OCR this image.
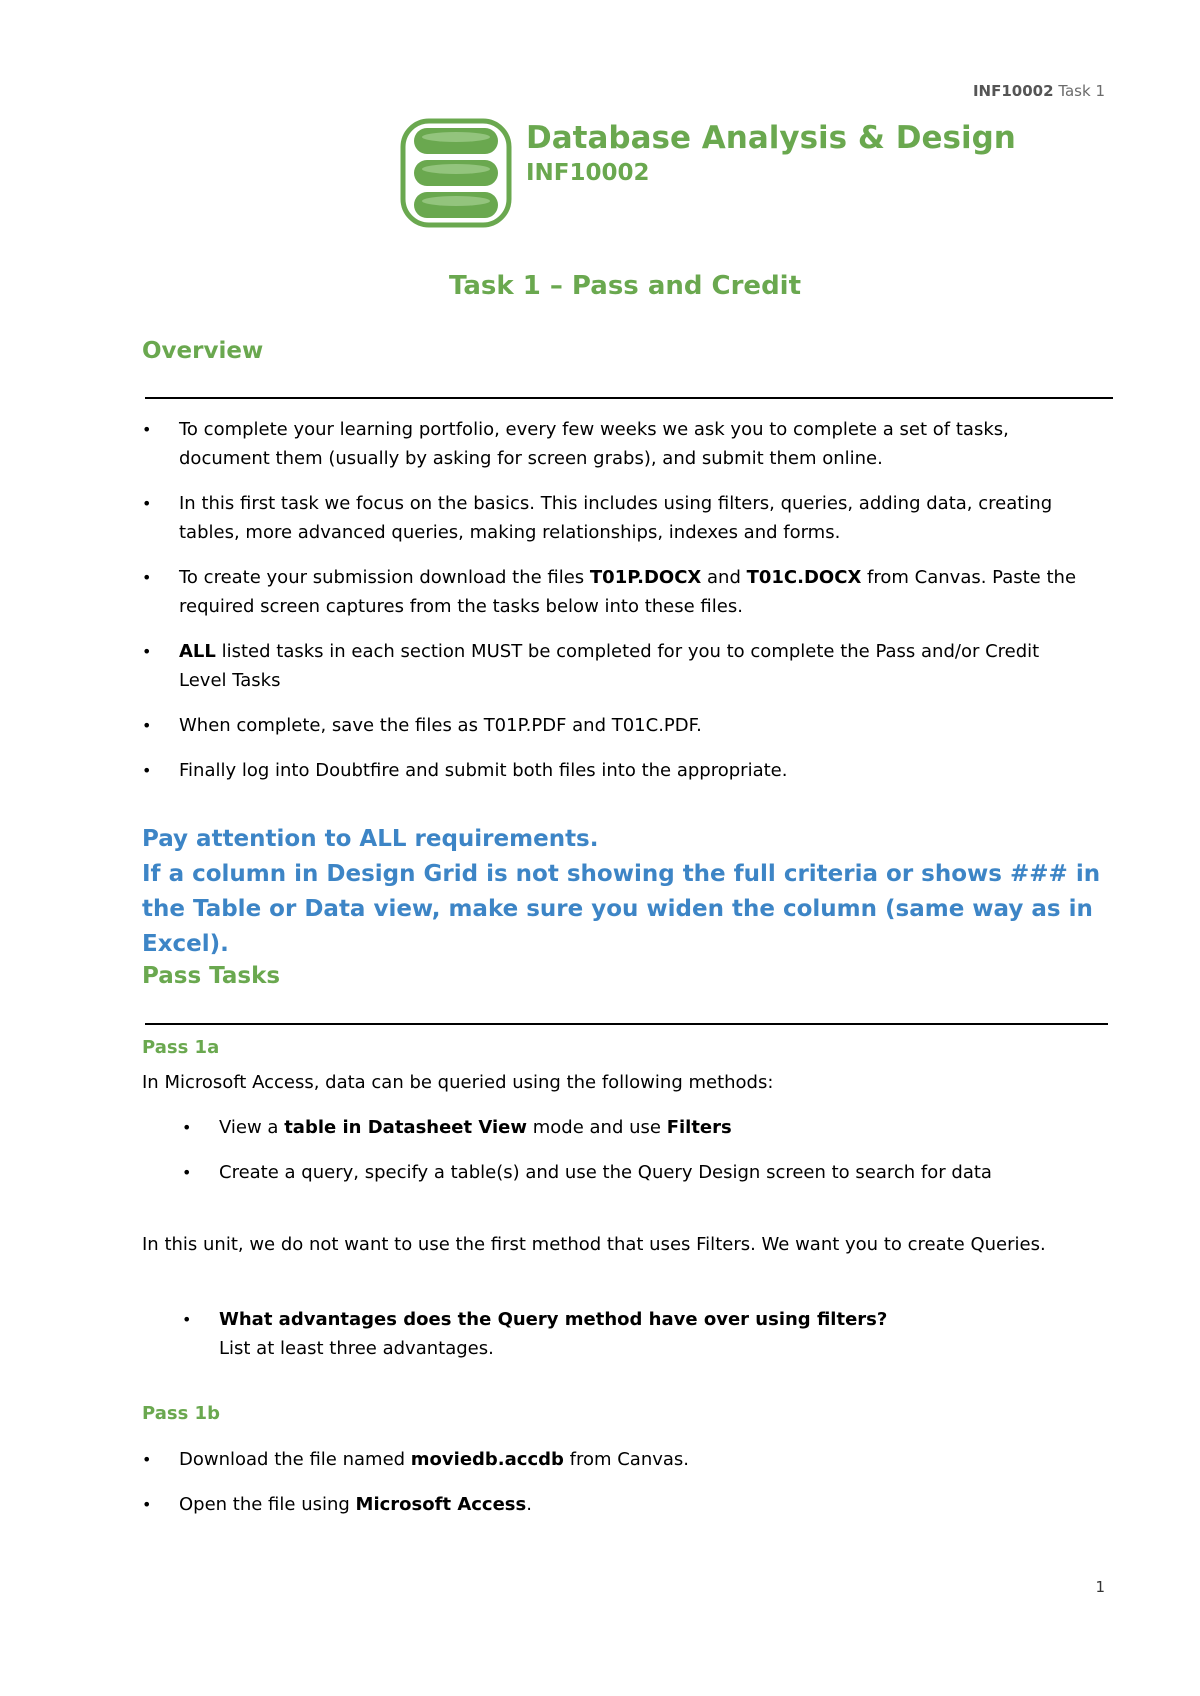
INF10002 Task 1
Database Analysis & Design
INF10002
Task 1 – Pass and Credit
Overview
• To complete your learning portfolio, every few weeks we ask you to complete a set of tasks, document them (usually by asking for screen grabs), and submit them online.
• In this first task we focus on the basics. This includes using filters, queries, adding data, creating tables, more advanced queries, making relationships, indexes and forms.
• To create your submission download the files T01P.DOCX and T01C.DOCX from Canvas. Paste the required screen captures from the tasks below into these files.
• ALL listed tasks in each section MUST be completed for you to complete the Pass and/or Credit Level Tasks
• When complete, save the files as T01P.PDF and T01C.PDF.
• Finally log into Doubtfire and submit both files into the appropriate.
Pay attention to ALL requirements.
If a column in Design Grid is not showing the full criteria or shows ### in the Table or Data view, make sure you widen the column (same way as in Excel).
Pass Tasks
Pass 1a
In Microsoft Access, data can be queried using the following methods:
• View a table in Datasheet View mode and use Filters
• Create a query, specify a table(s) and use the Query Design screen to search for data
In this unit, we do not want to use the first method that uses Filters. We want you to create Queries.
• What advantages does the Query method have over using filters?
List at least three advantages.
Pass 1b
• Download the file named moviedb.accdb from Canvas.
• Open the file using Microsoft Access.
1
